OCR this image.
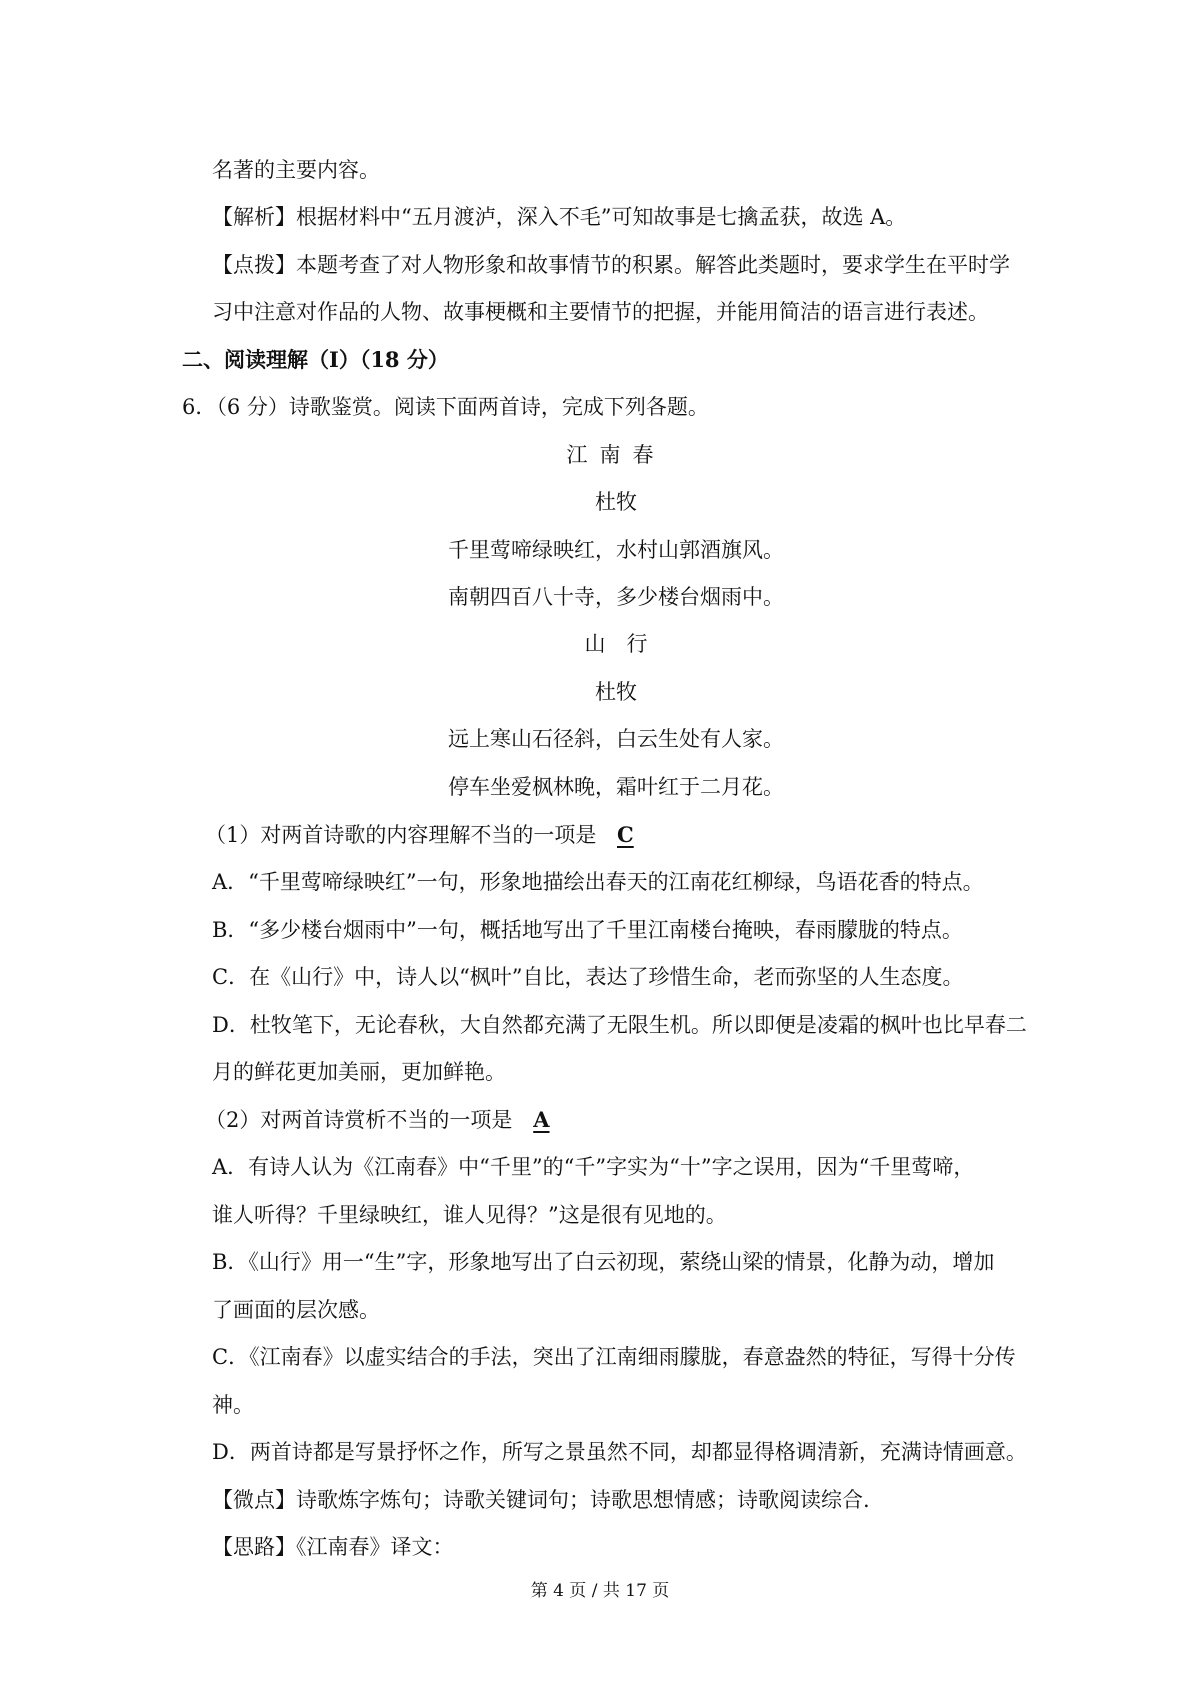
名著的主要内容。
【解析】根据材料中“五月渡泸，深入不毛”可知故事是七擒孟获，故选 A。
【点拨】本题考查了对人物形象和故事情节的积累。解答此类题时，要求学生在平时学
习中注意对作品的人物、故事梗概和主要情节的把握，并能用简洁的语言进行表述。
二、阅读理解（Ⅰ）（18 分）
6．（6 分）诗歌鉴赏。阅读下面两首诗，完成下列各题。
江南春
杜牧
千里莺啼绿映红，水村山郭酒旗风。
南朝四百八十寺，多少楼台烟雨中。
山　行
杜牧
远上寒山石径斜，白云生处有人家。
停车坐爱枫林晚，霜叶红于二月花。
（1）对两首诗歌的内容理解不当的一项是 C
A．“千里莺啼绿映红”一句，形象地描绘出春天的江南花红柳绿，鸟语花香的特点。
B．“多少楼台烟雨中”一句，概括地写出了千里江南楼台掩映，春雨朦胧的特点。
C．在《山行》中，诗人以“枫叶”自比，表达了珍惜生命，老而弥坚的人生态度。
D．杜牧笔下，无论春秋，大自然都充满了无限生机。所以即便是凌霜的枫叶也比早春二
月的鲜花更加美丽，更加鲜艳。
（2）对两首诗赏析不当的一项是 A
A．有诗人认为《江南春》中“千里”的“千”字实为“十”字之误用，因为“千里莺啼，
谁人听得？千里绿映红，谁人见得？”这是很有见地的。
B．《山行》用一“生”字，形象地写出了白云初现，萦绕山梁的情景，化静为动，增加
了画面的层次感。
C．《江南春》以虚实结合的手法，突出了江南细雨朦胧，春意盎然的特征，写得十分传
神。
D．两首诗都是写景抒怀之作，所写之景虽然不同，却都显得格调清新，充满诗情画意。
【微点】诗歌炼字炼句；诗歌关键词句；诗歌思想情感；诗歌阅读综合.
【思路】《江南春》译文：
第 4 页 / 共 17 页
